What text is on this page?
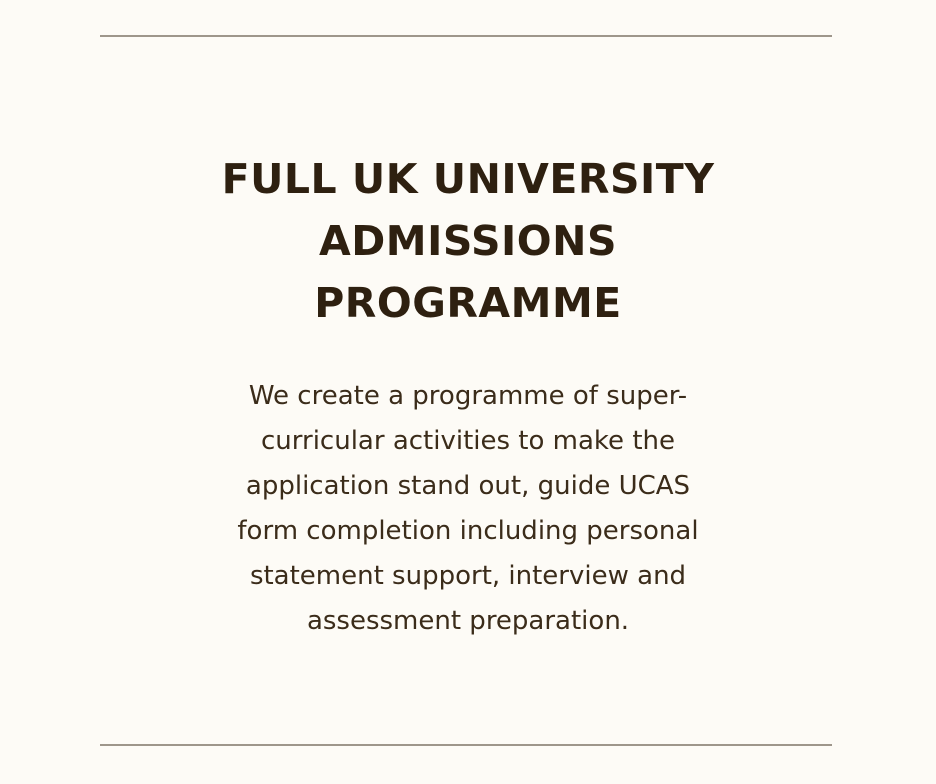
FULL UK UNIVERSITY
ADMISSIONS
PROGRAMME
We create a programme of super-
curricular activities to make the
application stand out, guide UCAS
form completion including personal
statement support, interview and
assessment preparation.
